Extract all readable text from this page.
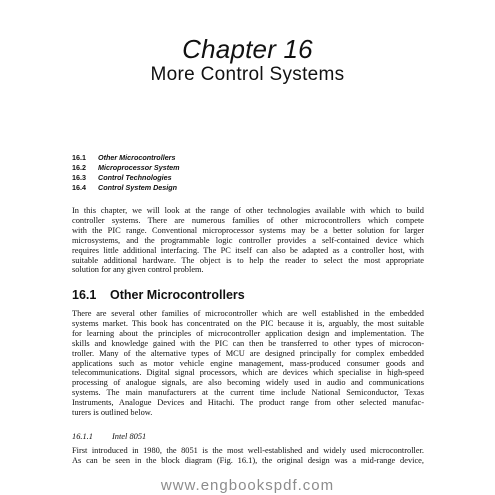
Chapter 16
More Control Systems
16.1	Other Microcontrollers
16.2	Microprocessor System
16.3	Control Technologies
16.4	Control System Design
In this chapter, we will look at the range of other technologies available with which to build
controller systems. There are numerous families of other microcontrollers which compete
with the PIC range. Conventional microprocessor systems may be a better solution for larger
microsystems, and the programmable logic controller provides a self-contained device which
requires little additional interfacing. The PC itself can also be adapted as a controller host, with
suitable additional hardware. The object is to help the reader to select the most appropriate
solution for any given control problem.
16.1 Other Microcontrollers
There are several other families of microcontroller which are well established in the embedded
systems market. This book has concentrated on the PIC because it is, arguably, the most suitable
for learning about the principles of microcontroller application design and implementation. The
skills and knowledge gained with the PIC can then be transferred to other types of microcon-
troller. Many of the alternative types of MCU are designed principally for complex embedded
applications such as motor vehicle engine management, mass-produced consumer goods and
telecommunications. Digital signal processors, which are devices which specialise in high-speed
processing of analogue signals, are also becoming widely used in audio and communications
systems. The main manufacturers at the current time include National Semiconductor, Texas
Instruments, Analogue Devices and Hitachi. The product range from other selected manufac-
turers is outlined below.
16.1.1 Intel 8051
First introduced in 1980, the 8051 is the most well-established and widely used microcontroller.
As can be seen in the block diagram (Fig. 16.1), the original design was a mid-range device,
www.engbookspdf.com
